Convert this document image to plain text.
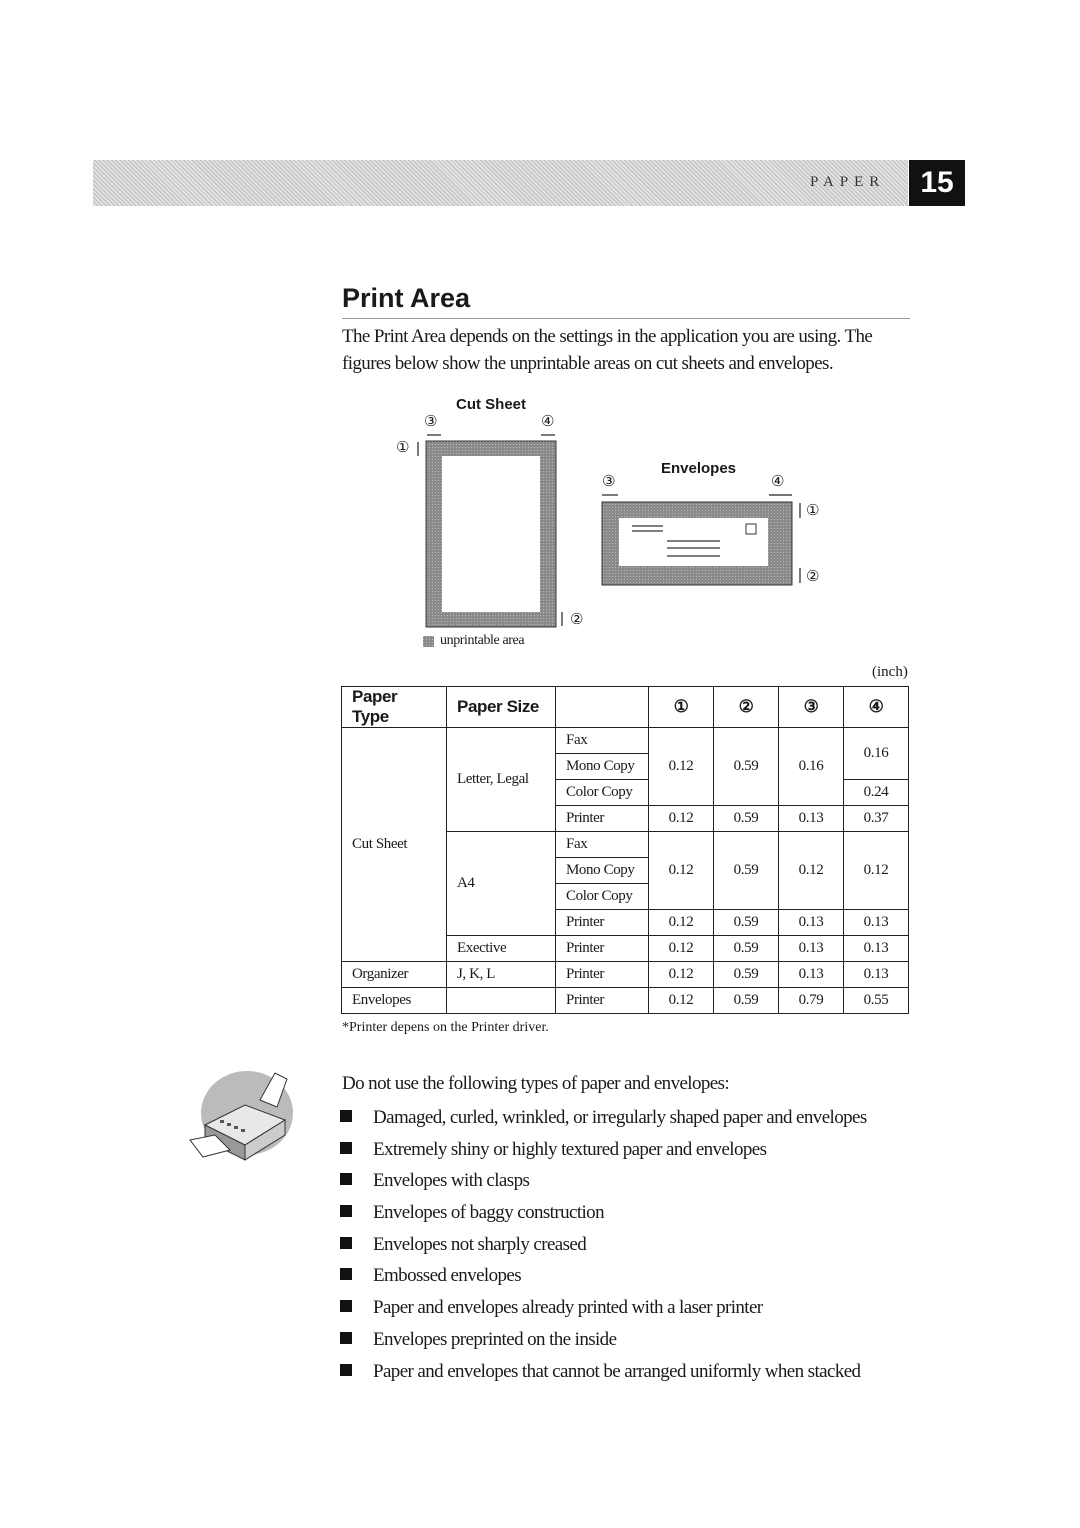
PAPER	15
Print Area
The Print Area depends on the settings in the application you are using. The figures below show the unprintable areas on cut sheets and envelopes.
Cut Sheet
③	④
①
②
Envelopes
③	④
①
②
unprintable area
(inch)
Paper Type	Paper Size		①	②	③	④
Cut Sheet	Letter, Legal	Fax	0.12	0.59	0.16	0.16
		Mono Copy				
		Color Copy				0.24
		Printer	0.12	0.59	0.13	0.37
	A4	Fax	0.12	0.59	0.12	0.12
		Mono Copy				
		Color Copy				
		Printer	0.12	0.59	0.13	0.13
	Exective	Printer	0.12	0.59	0.13	0.13
Organizer	J, K, L	Printer	0.12	0.59	0.13	0.13
Envelopes		Printer	0.12	0.59	0.79	0.55
*Printer depens on the Printer driver.
Do not use the following types of paper and envelopes:
Damaged, curled, wrinkled, or irregularly shaped paper and envelopes
Extremely shiny or highly textured paper and envelopes
Envelopes with clasps
Envelopes of baggy construction
Envelopes not sharply creased
Embossed envelopes
Paper and envelopes already printed with a laser printer
Envelopes preprinted on the inside
Paper and envelopes that cannot be arranged uniformly when stacked
